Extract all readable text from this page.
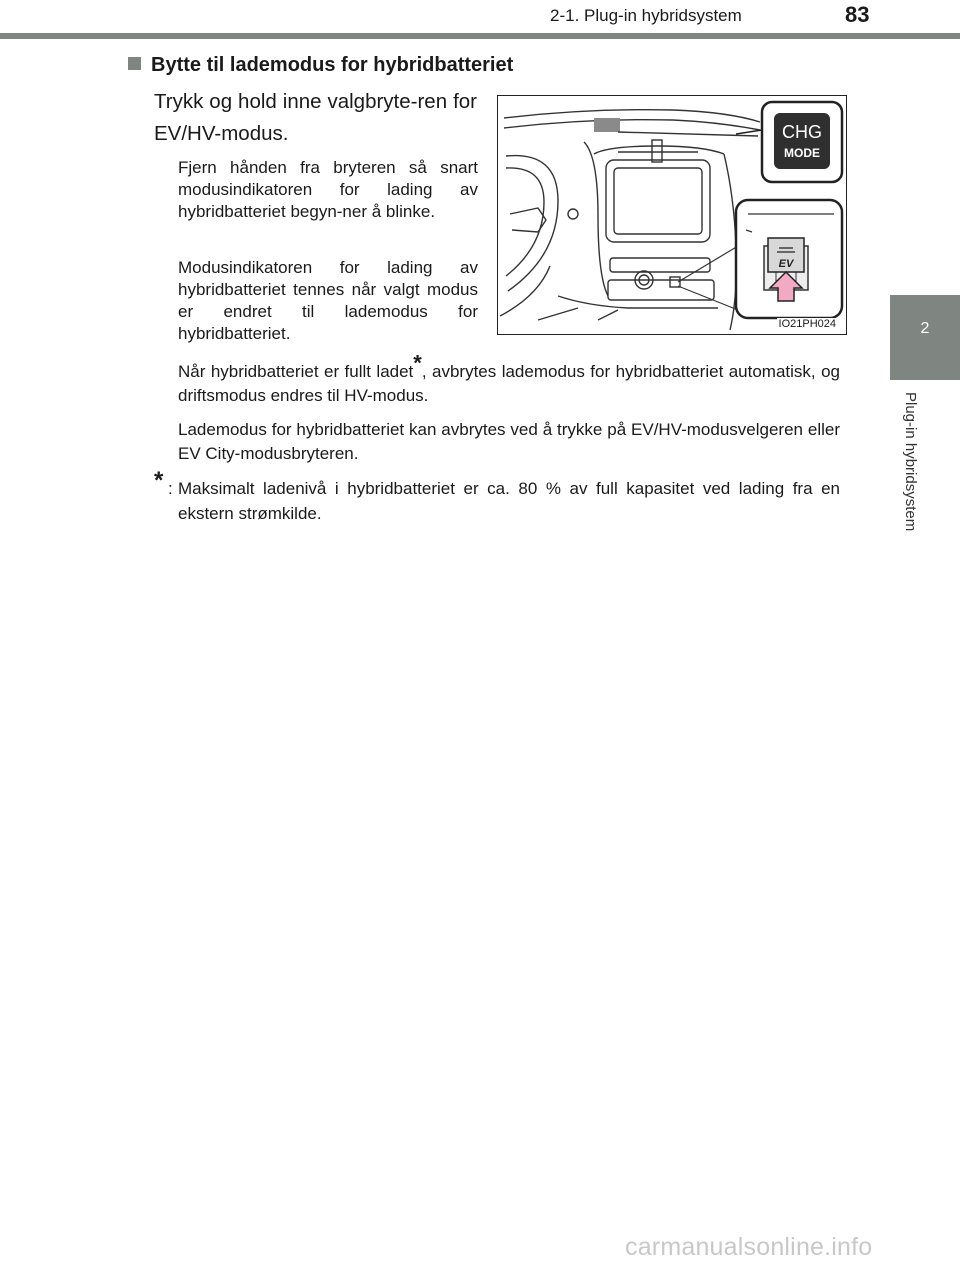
2-1. Plug-in hybridsystem	83
2
Plug-in hybridsystem
Bytte til lademodus for hybridbatteriet
Trykk og hold inne valgbryte-ren for EV/HV-modus.
Fjern hånden fra bryteren så snart modusindikatoren for lading av hybridbatteriet begyn-ner å blinke.
Modusindikatoren for lading av hybridbatteriet tennes når valgt modus er endret til lademodus for hybridbatteriet.
Når hybridbatteriet er fullt ladet*, avbrytes lademodus for hybridbatteriet automatisk, og driftsmodus endres til HV-modus.
Lademodus for hybridbatteriet kan avbrytes ved å trykke på EV/HV-modusvelgeren eller EV City-modusbryteren.
* : Maksimalt ladenivå i hybridbatteriet er ca. 80 % av full kapasitet ved lading fra en ekstern strømkilde.
CHG
MODE
EV
IO21PH024
carmanualsonline.info
